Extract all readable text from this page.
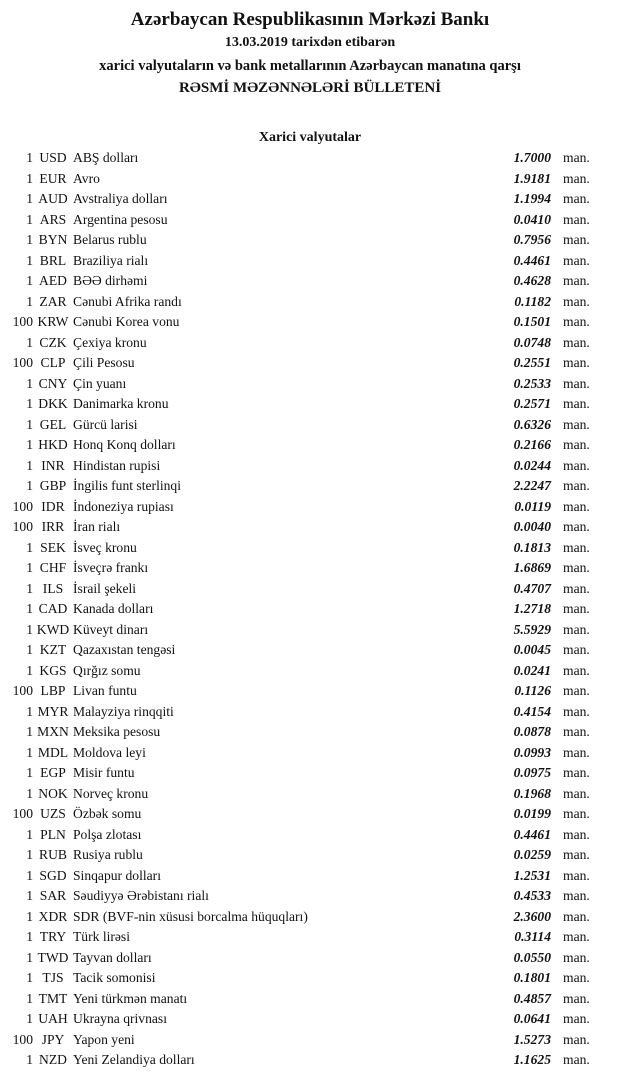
Azərbaycan Respublikasının Mərkəzi Bankı
13.03.2019 tarixdən etibarən
xarici valyutaların və bank metallarının Azərbaycan manatına qarşı
RƏSMİ MƏZƏNNƏLƏRİ BÜLLETENİ
Xarici valyutalar
1 USD ABŞ dolları	1.7000 man.
1 EUR Avro	1.9181 man.
1 AUD Avstraliya dolları	1.1994 man.
1 ARS Argentina pesosu	0.0410 man.
1 BYN Belarus rublu	0.7956 man.
1 BRL Braziliya rialı	0.4461 man.
1 AED BƏƏ dirhəmi	0.4628 man.
1 ZAR Cənubi Afrika randı	0.1182 man.
100 KRW Cənubi Korea vonu	0.1501 man.
1 CZK Çexiya kronu	0.0748 man.
100 CLP Çili Pesosu	0.2551 man.
1 CNY Çin yuanı	0.2533 man.
1 DKK Danimarka kronu	0.2571 man.
1 GEL Gürcü larisi	0.6326 man.
1 HKD Honq Konq dolları	0.2166 man.
1 INR Hindistan rupisi	0.0244 man.
1 GBP İngilis funt sterlinqi	2.2247 man.
100 IDR İndoneziya rupiası	0.0119 man.
100 IRR İran rialı	0.0040 man.
1 SEK İsveç kronu	0.1813 man.
1 CHF İsveçrə frankı	1.6869 man.
1 ILS İsrail şekeli	0.4707 man.
1 CAD Kanada dolları	1.2718 man.
1 KWD Küveyt dinarı	5.5929 man.
1 KZT Qazaxıstan tengəsi	0.0045 man.
1 KGS Qırğız somu	0.0241 man.
100 LBP Livan funtu	0.1126 man.
1 MYR Malayziya rinqqiti	0.4154 man.
1 MXN Meksika pesosu	0.0878 man.
1 MDL Moldova leyi	0.0993 man.
1 EGP Misir funtu	0.0975 man.
1 NOK Norveç kronu	0.1968 man.
100 UZS Özbək somu	0.0199 man.
1 PLN Polşa zlotası	0.4461 man.
1 RUB Rusiya rublu	0.0259 man.
1 SGD Sinqapur dolları	1.2531 man.
1 SAR Səudiyyə Ərəbistanı rialı	0.4533 man.
1 XDR SDR (BVF-nin xüsusi borcalma hüquqları)	2.3600 man.
1 TRY Türk lirəsi	0.3114 man.
1 TWD Tayvan dolları	0.0550 man.
1 TJS Tacik somonisi	0.1801 man.
1 TMT Yeni türkmən manatı	0.4857 man.
1 UAH Ukrayna qrivnası	0.0641 man.
100 JPY Yapon yeni	1.5273 man.
1 NZD Yeni Zelandiya dolları	1.1625 man.
